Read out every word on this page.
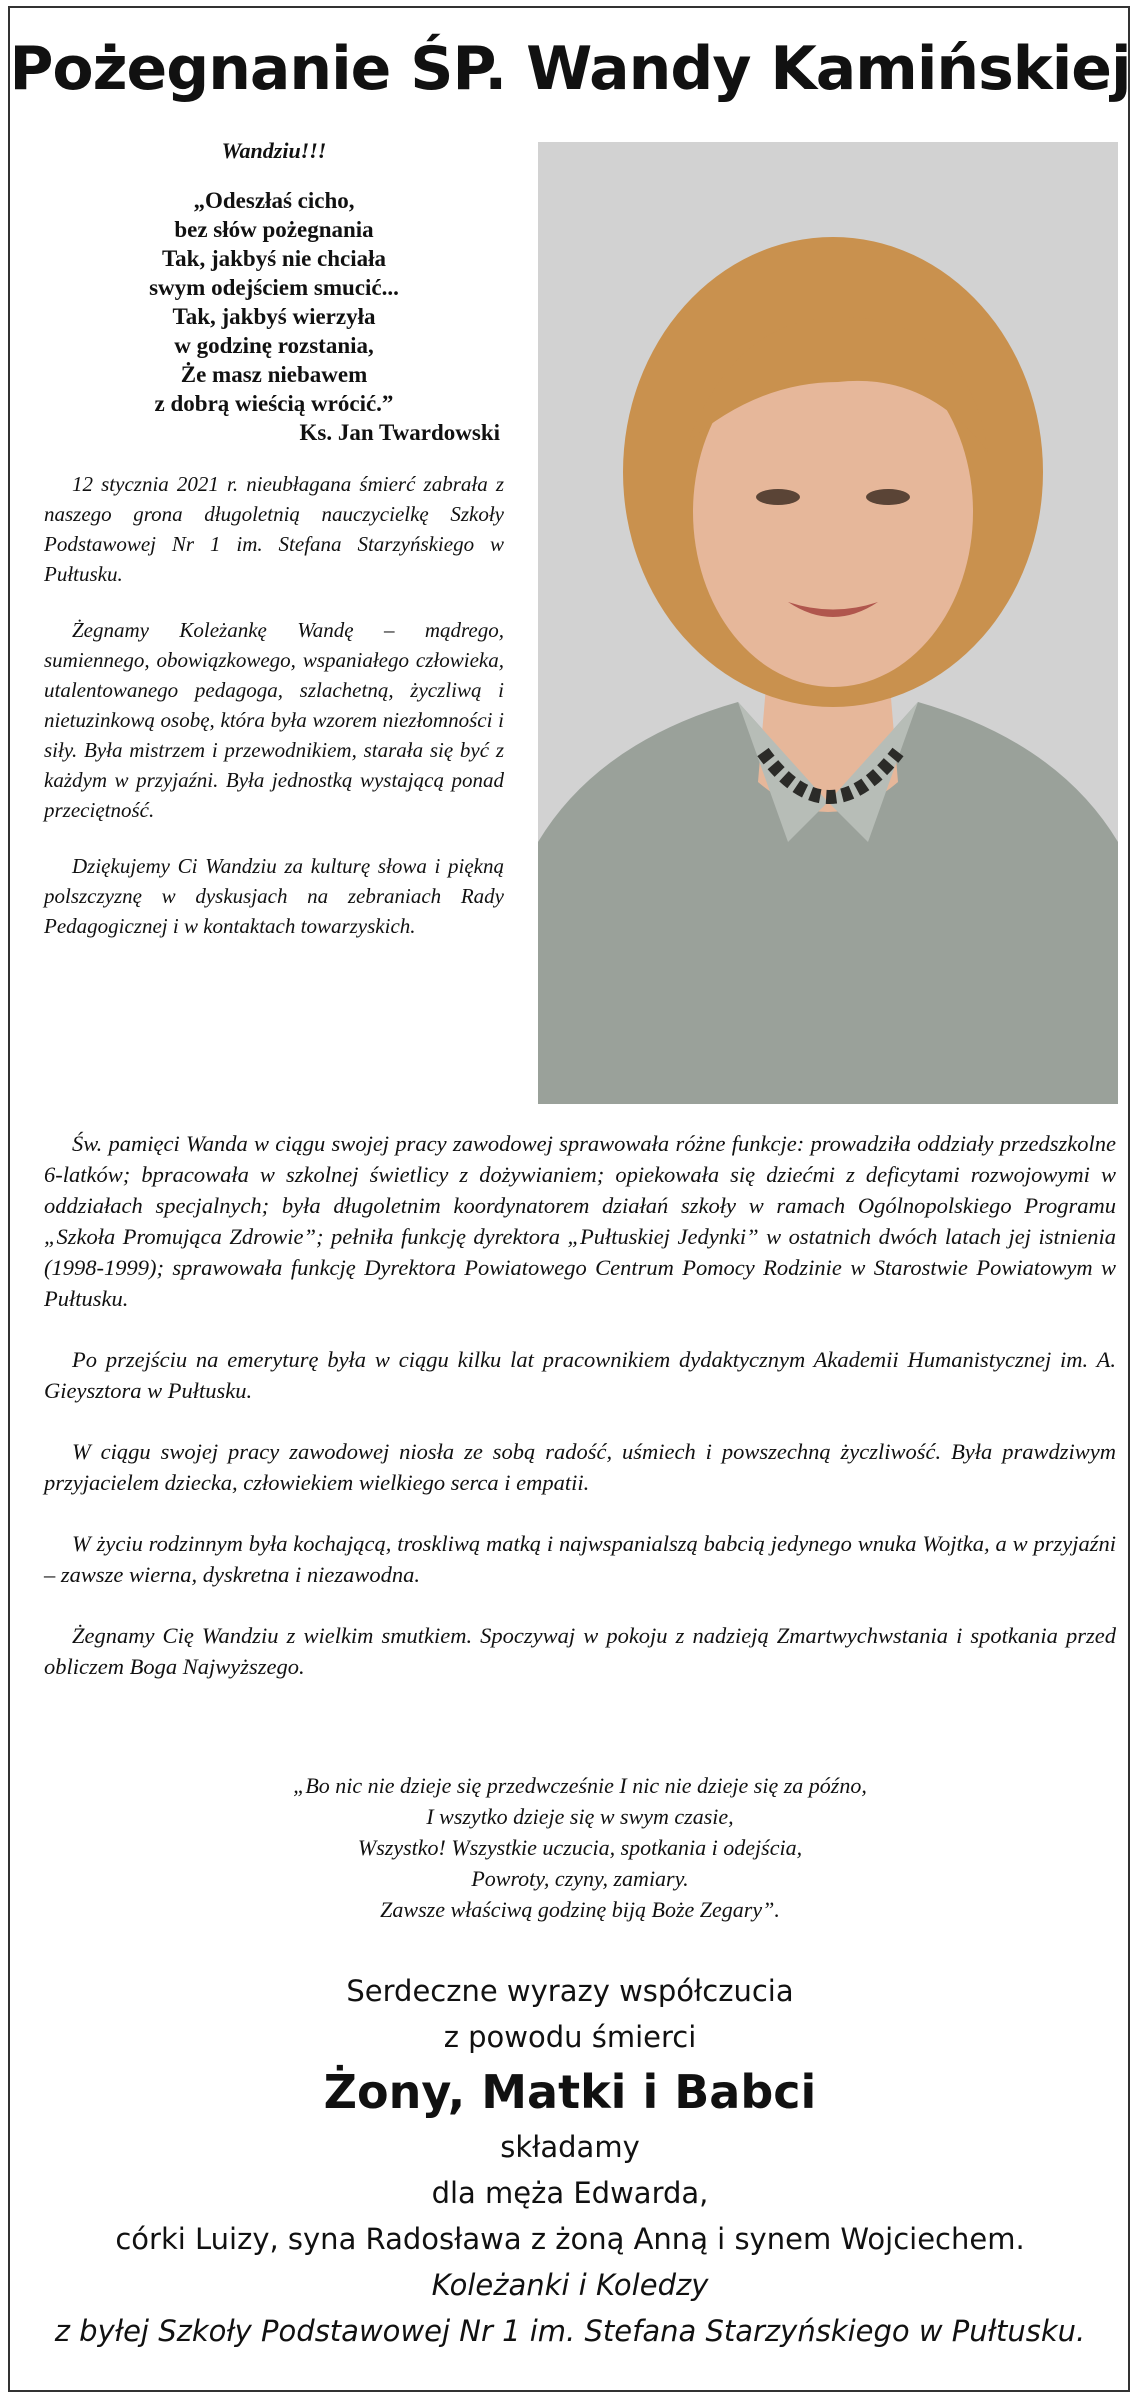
Pożegnanie ŚP. Wandy Kamińskiej

Wandziu!!!

„Odeszłaś cicho,
bez słów pożegnania
Tak, jakbyś nie chciała
swym odejściem smucić...
Tak, jakbyś wierzyła
w godzinę rozstania,
Że masz niebawem
z dobrą wieścią wrócić.”

Ks. Jan Twardowski

12 stycznia 2021 r. nieubłagana śmierć zabrała z naszego grona długoletnią nauczycielkę Szkoły Podstawowej Nr 1 im. Stefana Starzyńskiego w Pułtusku.

Żegnamy Koleżankę Wandę – mądrego, sumiennego, obowiązkowego, wspaniałego człowieka, utalentowanego pedagoga, szlachetną, życzliwą i nietuzinkową osobę, która była wzorem niezłomności i siły. Była mistrzem i przewodnikiem, starała się być z każdym w przyjaźni. Była jednostką wystającą ponad przeciętność.

Dziękujemy Ci Wandziu za kulturę słowa i piękną polszczyznę w dyskusjach na zebraniach Rady Pedagogicznej i w kontaktach towarzyskich.

Św. pamięci Wanda w ciągu swojej pracy zawodowej sprawowała różne funkcje: prowadziła oddziały przedszkolne 6-latków; bpracowała w szkolnej świetlicy z dożywianiem; opiekowała się dziećmi z deficytami rozwojowymi w oddziałach specjalnych; była długoletnim koordynatorem działań szkoły w ramach Ogólnopolskiego Programu „Szkoła Promująca Zdrowie”; pełniła funkcję dyrektora „Pułtuskiej Jedynki” w ostatnich dwóch latach jej istnienia (1998-1999); sprawowała funkcję Dyrektora Powiatowego Centrum Pomocy Rodzinie w Starostwie Powiatowym w Pułtusku.

Po przejściu na emeryturę była w ciągu kilku lat pracownikiem dydaktycznym Akademii Humanistycznej im. A. Gieysztora w Pułtusku.

W ciągu swojej pracy zawodowej niosła ze sobą radość, uśmiech i powszechną życzliwość. Była prawdziwym przyjacielem dziecka, człowiekiem wielkiego serca i empatii.

W życiu rodzinnym była kochającą, troskliwą matką i najwspanialszą babcią jedynego wnuka Wojtka, a w przyjaźni – zawsze wierna, dyskretna i niezawodna.

Żegnamy Cię Wandziu z wielkim smutkiem. Spoczywaj w pokoju z nadzieją Zmartwychwstania i spotkania przed obliczem Boga Najwyższego.

„Bo nic nie dzieje się przedwcześnie I nic nie dzieje się za późno,
I wszytko dzieje się w swym czasie,
Wszystko! Wszystkie uczucia, spotkania i odejścia,
Powroty, czyny, zamiary.
Zawsze właściwą godzinę biją Boże Zegary”.
Serdeczne wyrazy współczucia
z powodu śmierci
Żony, Matki i Babci
składamy
dla męża Edwarda,
córki Luizy, syna Radosława z żoną Anną i synem Wojciechem.
Koleżanki i Koledzy
z byłej Szkoły Podstawowej Nr 1 im. Stefana Starzyńskiego w Pułtusku.
